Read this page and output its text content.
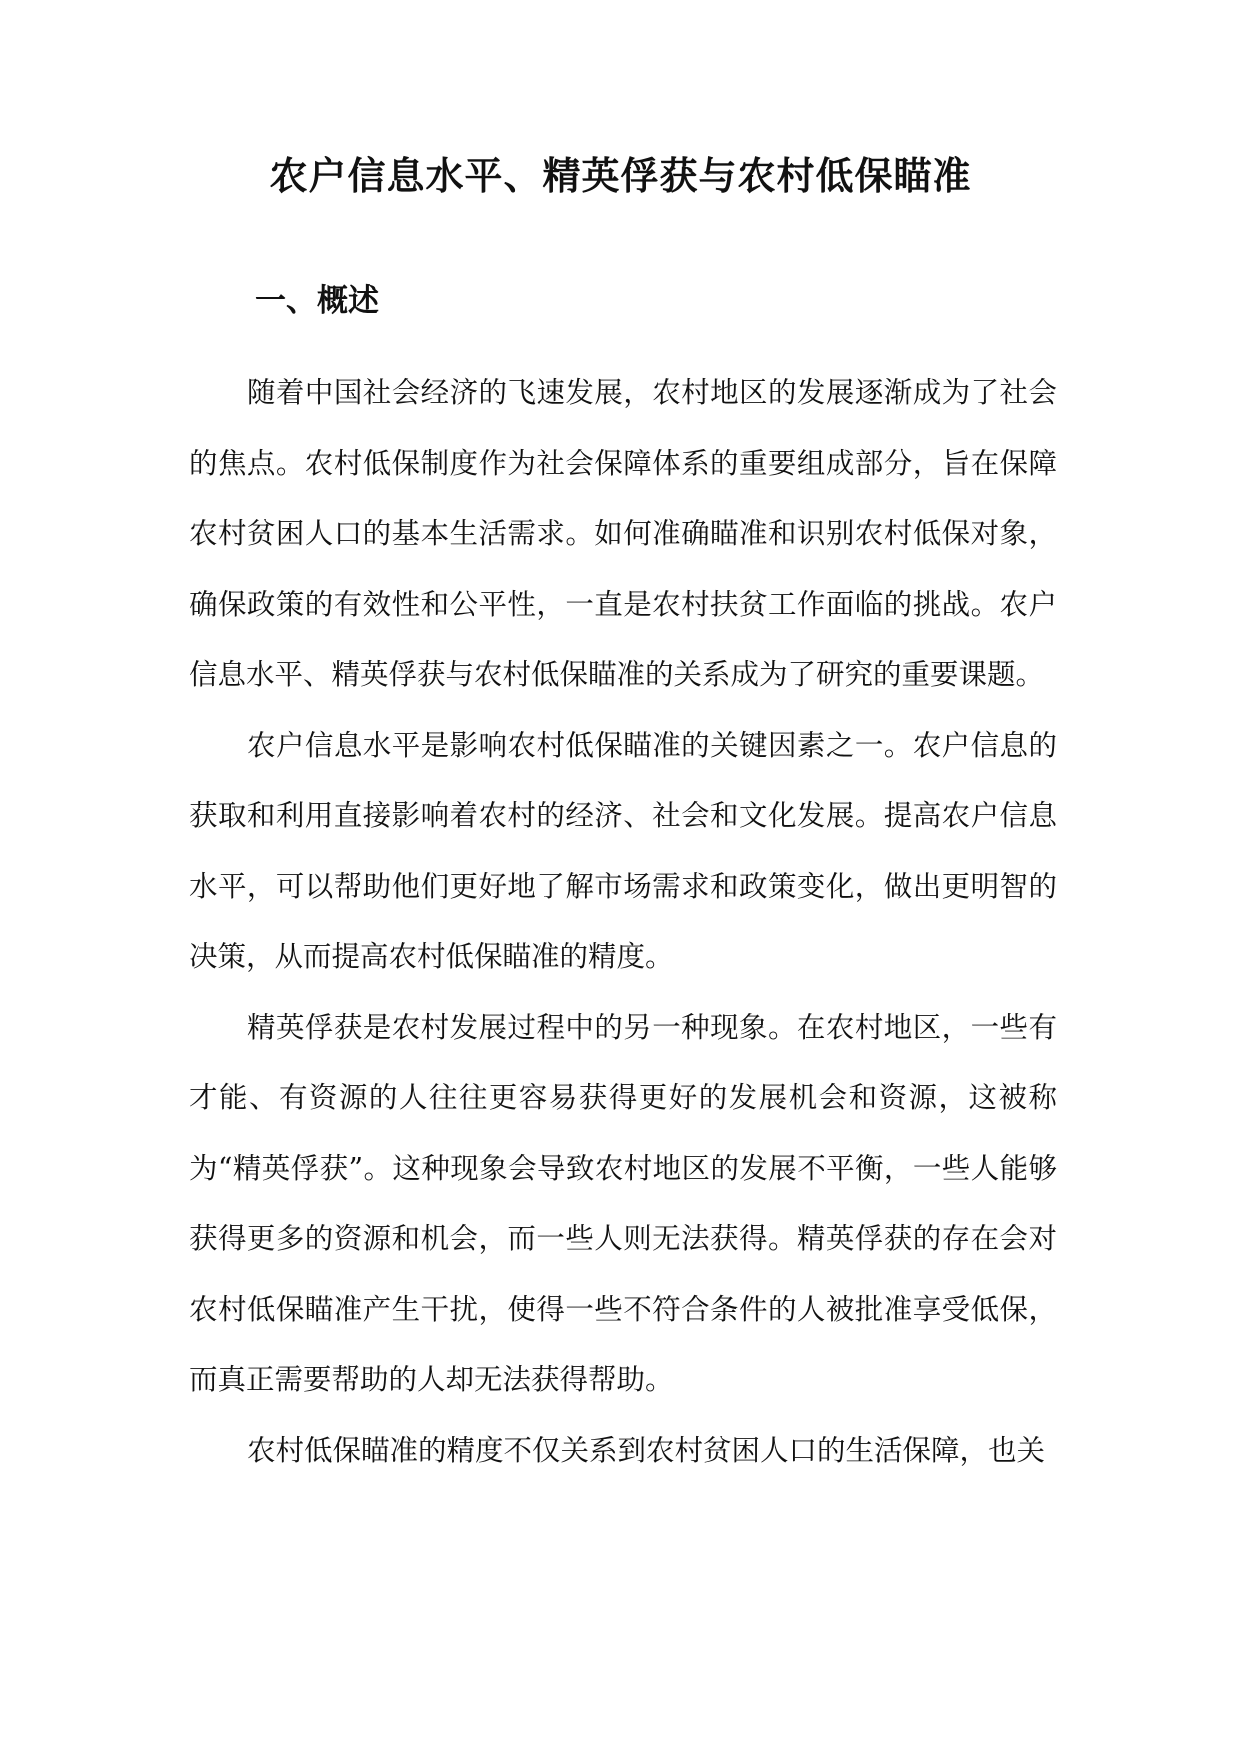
农户信息水平、精英俘获与农村低保瞄准
一、概述

随着中国社会经济的飞速发展，农村地区的发展逐渐成为了社会的焦点。农村低保制度作为社会保障体系的重要组成部分，旨在保障农村贫困人口的基本生活需求。如何准确瞄准和识别农村低保对象，确保政策的有效性和公平性，一直是农村扶贫工作面临的挑战。农户信息水平、精英俘获与农村低保瞄准的关系成为了研究的重要课题。

农户信息水平是影响农村低保瞄准的关键因素之一。农户信息的获取和利用直接影响着农村的经济、社会和文化发展。提高农户信息水平，可以帮助他们更好地了解市场需求和政策变化，做出更明智的决策，从而提高农村低保瞄准的精度。

精英俘获是农村发展过程中的另一种现象。在农村地区，一些有才能、有资源的人往往更容易获得更好的发展机会和资源，这被称为“精英俘获”。这种现象会导致农村地区的发展不平衡，一些人能够获得更多的资源和机会，而一些人则无法获得。精英俘获的存在会对农村低保瞄准产生干扰，使得一些不符合条件的人被批准享受低保，而真正需要帮助的人却无法获得帮助。

农村低保瞄准的精度不仅关系到农村贫困人口的生活保障，也关
